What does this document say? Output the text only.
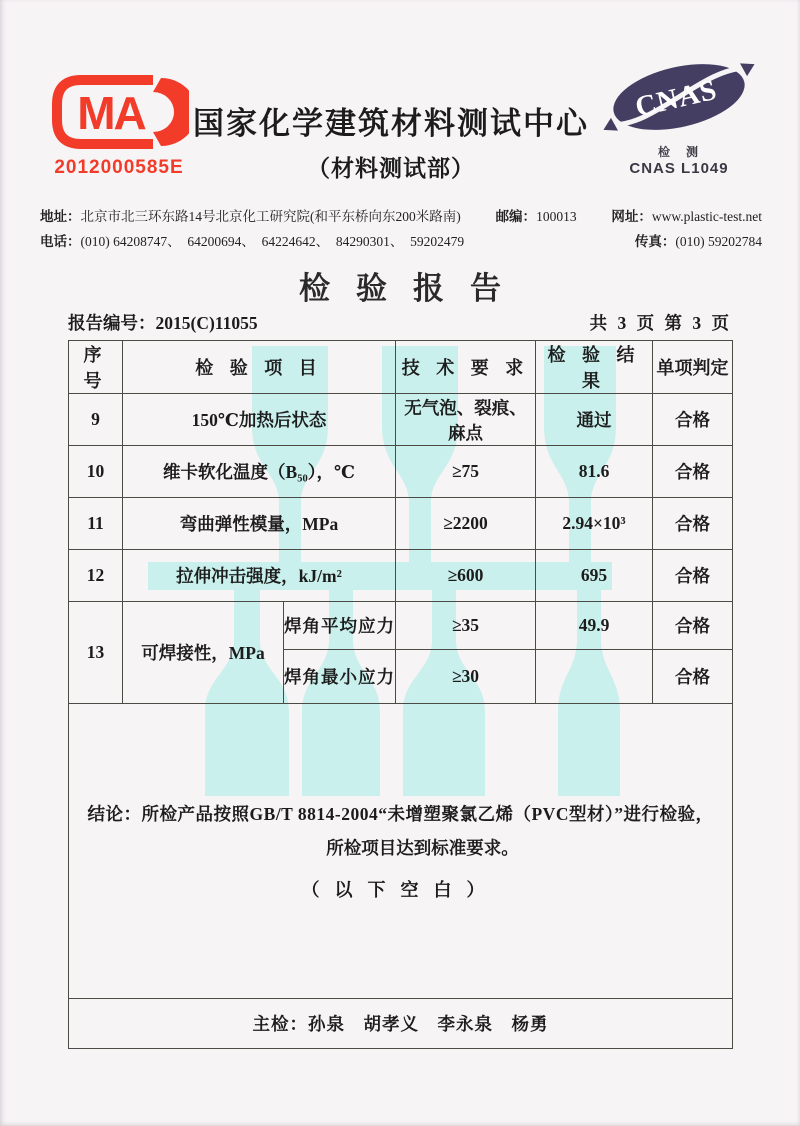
MA
2012000585E
国家化学建筑材料测试中心
（材料测试部）
CNAS
检　测
CNAS L1049
地址：北京市北三环东路14号北京化工研究院(和平东桥向东200米路南)	邮编：100013	网址：www.plastic-test.net
电话：(010) 64208747、  64200694、  64224642、  84290301、  59202479	传真：(010) 59202784
检验报告
报告编号：2015(C)11055	共 3 页 第 3 页
序 号	检 验 项 目		技 术 要 求	检 验 结 果	单项判定
9	150℃加热后状态		无气泡、裂痕、麻点	通过	合格
10	维卡软化温度（B₅₀），℃		≥75	81.6	合格
11	弯曲弹性模量，MPa		≥2200	2.94×10³	合格
12	拉伸冲击强度，kJ/m²		≥600	695	合格
13	可焊接性，MPa	焊角平均应力	≥35	49.9	合格
		焊角最小应力	≥30		合格

结论：所检产品按照GB/T 8814-2004“未增塑聚氯乙烯（PVC型材）”进行检验，
所检项目达到标准要求。
（以下空白）					

主检：孙泉　胡孝义　李永泉　杨勇					
